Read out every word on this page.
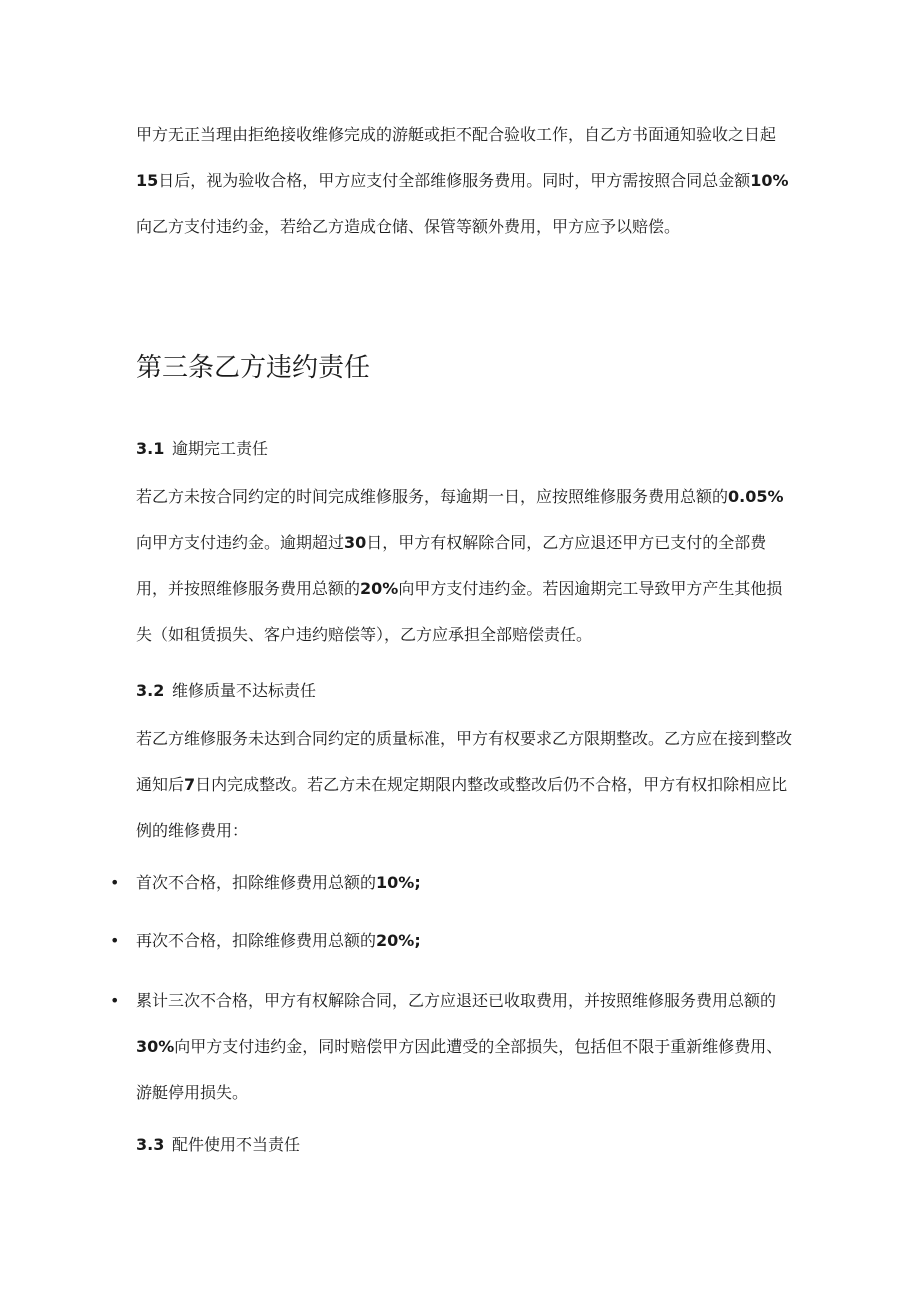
甲方无正当理由拒绝接收维修完成的游艇或拒不配合验收工作，自乙方书面通知验收之日起15日后，视为验收合格，甲方应支付全部维修服务费用。同时，甲方需按照合同总金额10%向乙方支付违约金，若给乙方造成仓储、保管等额外费用，甲方应予以赔偿。

第三条乙方违约责任
3.1 逾期完工责任

若乙方未按合同约定的时间完成维修服务，每逾期一日，应按照维修服务费用总额的0.05%向甲方支付违约金。逾期超过30日，甲方有权解除合同，乙方应退还甲方已支付的全部费用，并按照维修服务费用总额的20%向甲方支付违约金。若因逾期完工导致甲方产生其他损失（如租赁损失、客户违约赔偿等），乙方应承担全部赔偿责任。

3.2 维修质量不达标责任

若乙方维修服务未达到合同约定的质量标准，甲方有权要求乙方限期整改。乙方应在接到整改通知后7日内完成整改。若乙方未在规定期限内整改或整改后仍不合格，甲方有权扣除相应比例的维修费用：

•	首次不合格，扣除维修费用总额的10%;
•	再次不合格，扣除维修费用总额的20%;
•	累计三次不合格，甲方有权解除合同，乙方应退还已收取费用，并按照维修服务费用总额的30%向甲方支付违约金，同时赔偿甲方因此遭受的全部损失，包括但不限于重新维修费用、游艇停用损失。
3.3 配件使用不当责任
